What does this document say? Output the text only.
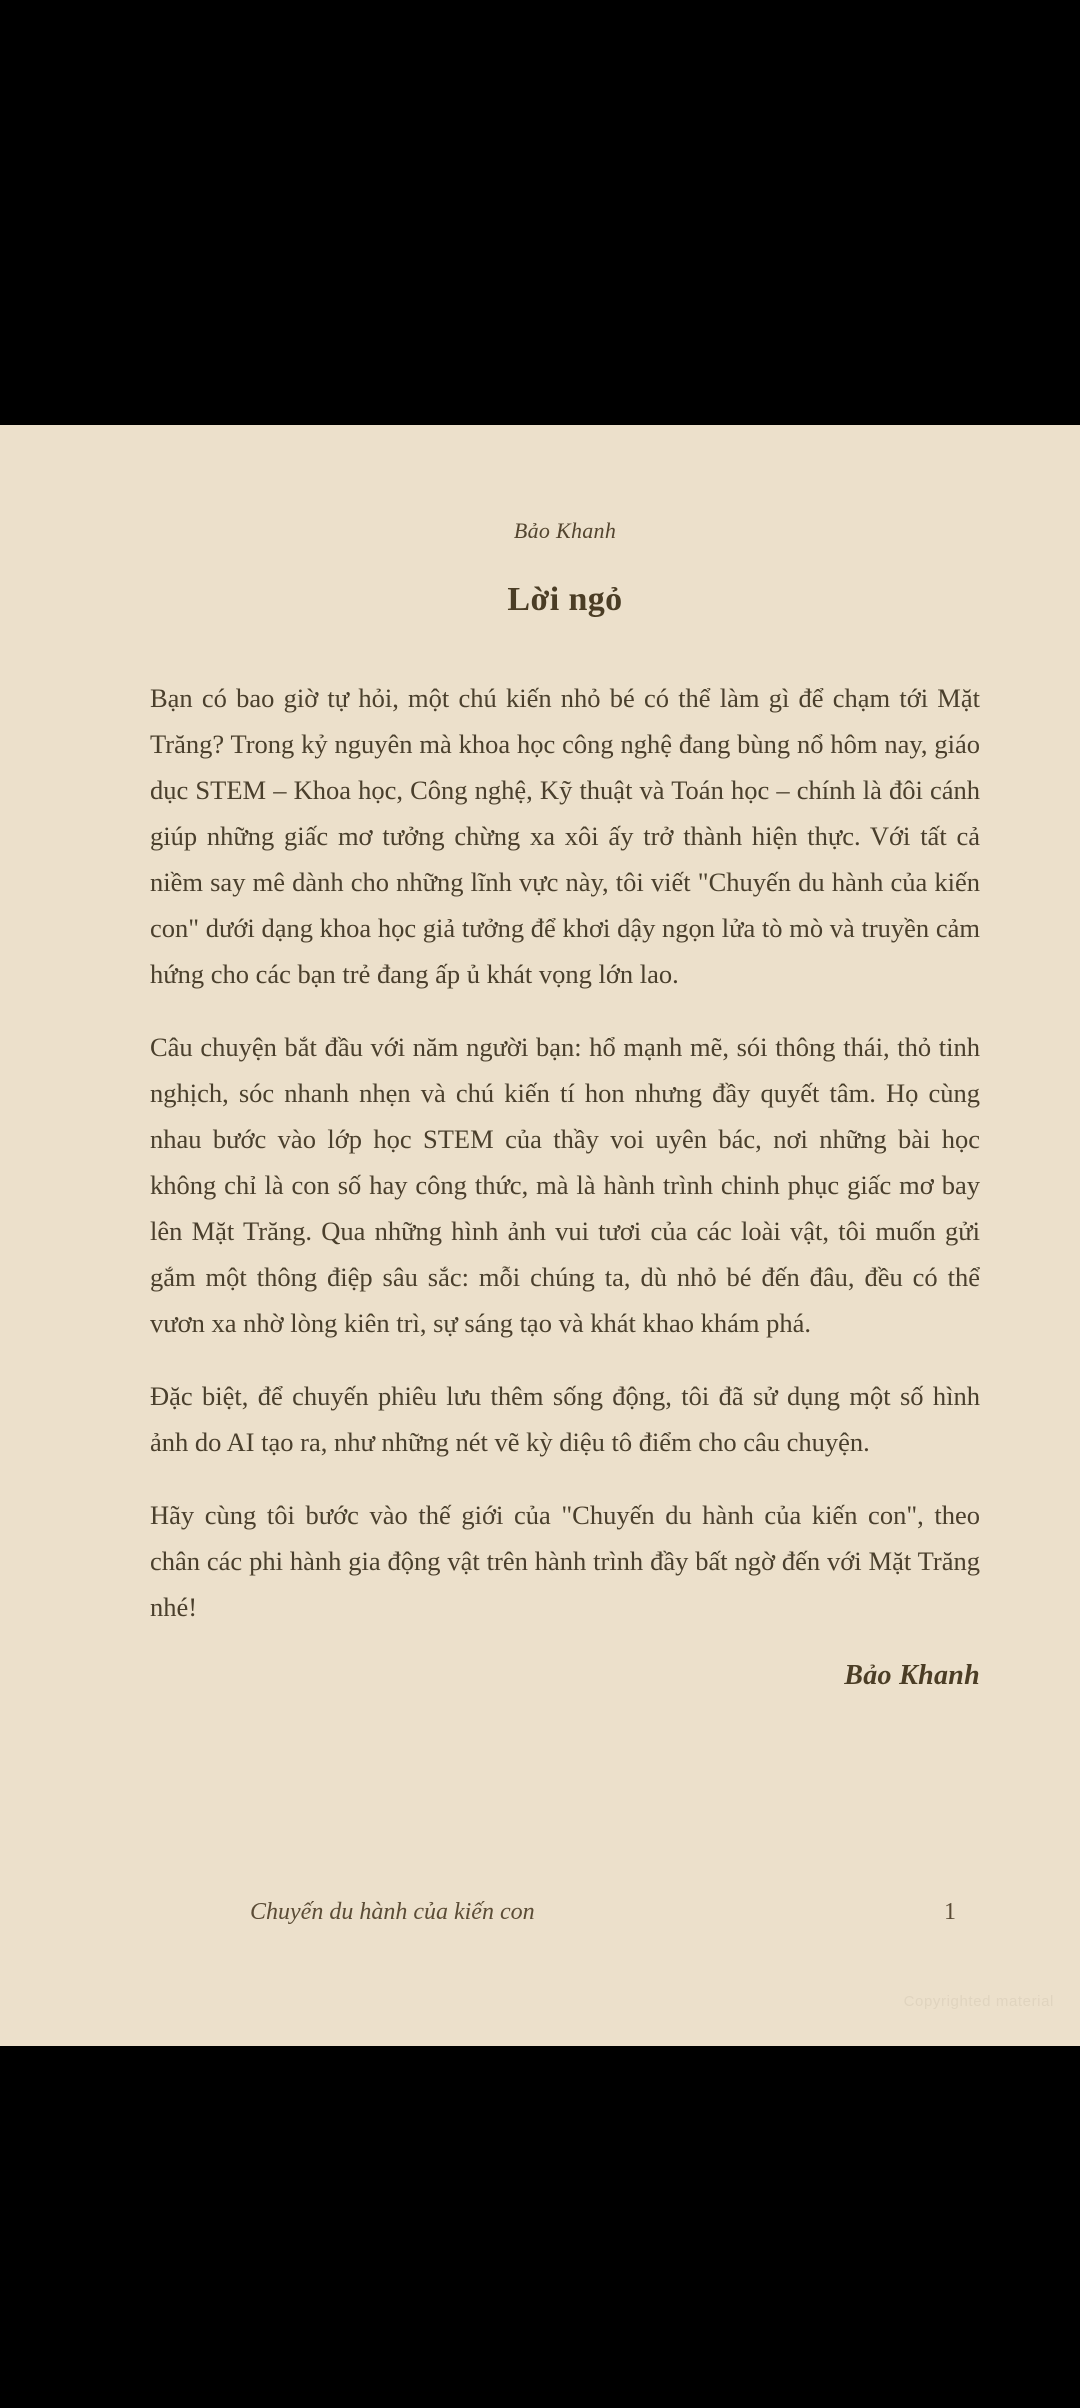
Bảo Khanh
Lời ngỏ

Bạn có bao giờ tự hỏi, một chú kiến nhỏ bé có thể làm gì để chạm tới Mặt Trăng? Trong kỷ nguyên mà khoa học công nghệ đang bùng nổ hôm nay, giáo dục STEM – Khoa học, Công nghệ, Kỹ thuật và Toán học – chính là đôi cánh giúp những giấc mơ tưởng chừng xa xôi ấy trở thành hiện thực. Với tất cả niềm say mê dành cho những lĩnh vực này, tôi viết "Chuyến du hành của kiến con" dưới dạng khoa học giả tưởng để khơi dậy ngọn lửa tò mò và truyền cảm hứng cho các bạn trẻ đang ấp ủ khát vọng lớn lao.

Câu chuyện bắt đầu với năm người bạn: hổ mạnh mẽ, sói thông thái, thỏ tinh nghịch, sóc nhanh nhẹn và chú kiến tí hon nhưng đầy quyết tâm. Họ cùng nhau bước vào lớp học STEM của thầy voi uyên bác, nơi những bài học không chỉ là con số hay công thức, mà là hành trình chinh phục giấc mơ bay lên Mặt Trăng. Qua những hình ảnh vui tươi của các loài vật, tôi muốn gửi gắm một thông điệp sâu sắc: mỗi chúng ta, dù nhỏ bé đến đâu, đều có thể vươn xa nhờ lòng kiên trì, sự sáng tạo và khát khao khám phá.

Đặc biệt, để chuyến phiêu lưu thêm sống động, tôi đã sử dụng một số hình ảnh do AI tạo ra, như những nét vẽ kỳ diệu tô điểm cho câu chuyện.

Hãy cùng tôi bước vào thế giới của "Chuyến du hành của kiến con", theo chân các phi hành gia động vật trên hành trình đầy bất ngờ đến với Mặt Trăng nhé!

Bảo Khanh
Chuyến du hành của kiến con	1
Copyrighted material
